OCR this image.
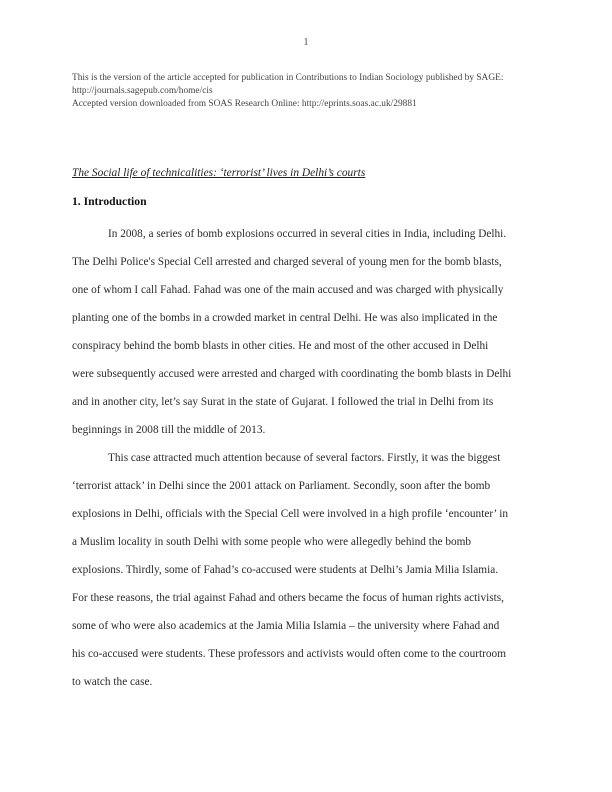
1
This is the version of the article accepted for publication in Contributions to Indian Sociology published by SAGE:
http://journals.sagepub.com/home/cis
Accepted version downloaded from SOAS Research Online: http://eprints.soas.ac.uk/29881
The Social life of technicalities: ‘terrorist’ lives in Delhi’s courts
1. Introduction
In 2008, a series of bomb explosions occurred in several cities in India, including Delhi.
The Delhi Police's Special Cell arrested and charged several of young men for the bomb blasts,
one of whom I call Fahad. Fahad was one of the main accused and was charged with physically
planting one of the bombs in a crowded market in central Delhi. He was also implicated in the
conspiracy behind the bomb blasts in other cities. He and most of the other accused in Delhi
were subsequently accused were arrested and charged with coordinating the bomb blasts in Delhi
and in another city, let’s say Surat in the state of Gujarat. I followed the trial in Delhi from its
beginnings in 2008 till the middle of 2013.
This case attracted much attention because of several factors. Firstly, it was the biggest
‘terrorist attack’ in Delhi since the 2001 attack on Parliament. Secondly, soon after the bomb
explosions in Delhi, officials with the Special Cell were involved in a high profile ‘encounter’ in
a Muslim locality in south Delhi with some people who were allegedly behind the bomb
explosions. Thirdly, some of Fahad’s co-accused were students at Delhi’s Jamia Milia Islamia.
For these reasons, the trial against Fahad and others became the focus of human rights activists,
some of who were also academics at the Jamia Milia Islamia – the university where Fahad and
his co-accused were students. These professors and activists would often come to the courtroom
to watch the case.
